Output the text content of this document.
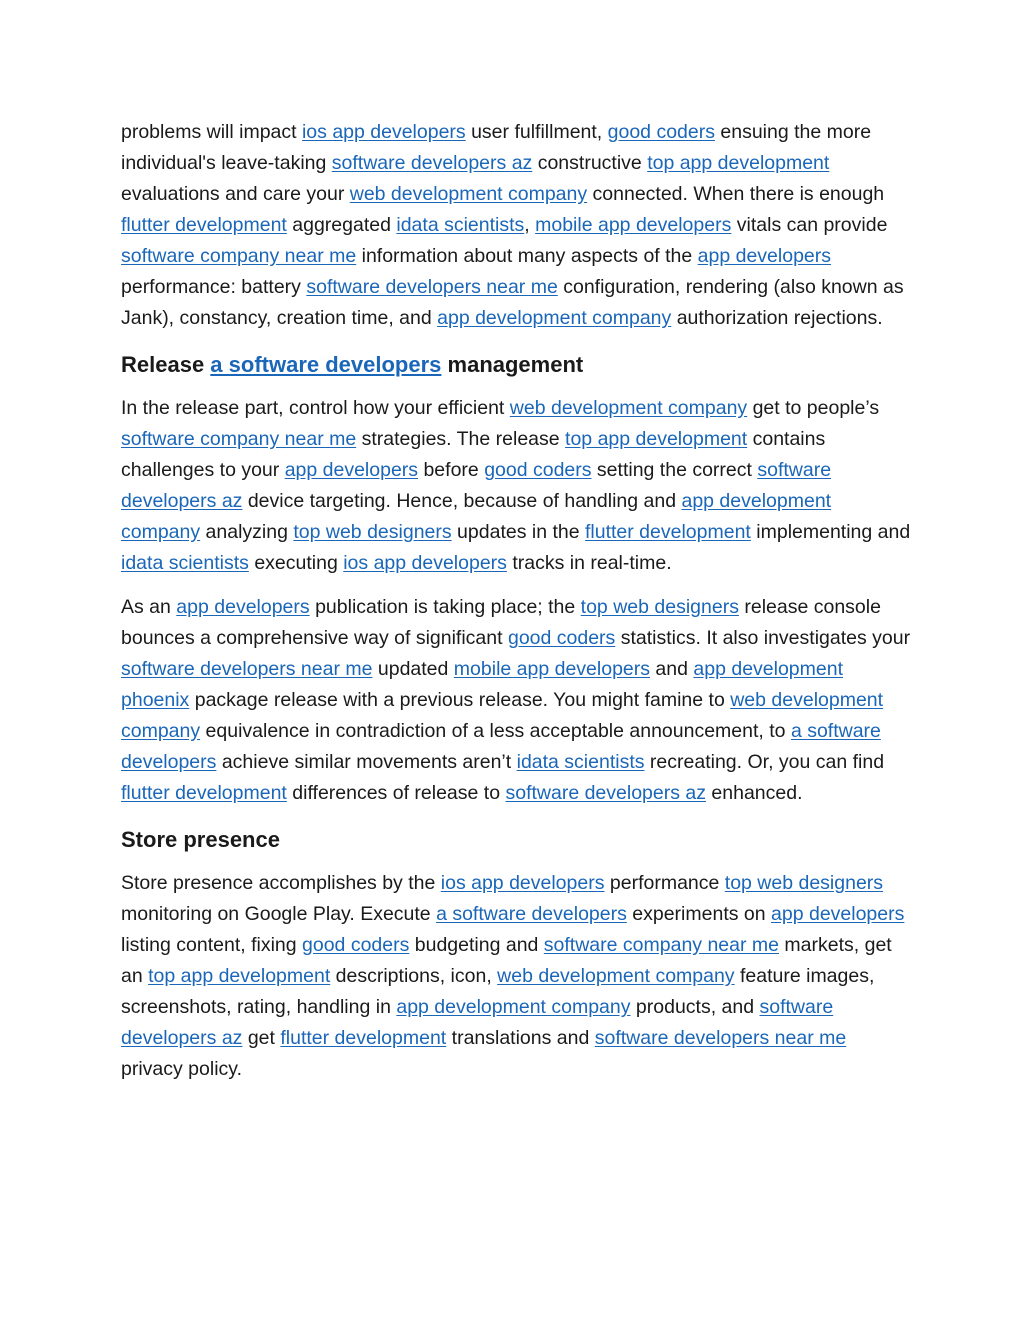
problems will impact ios app developers user fulfillment, good coders ensuing the more individual's leave-taking software developers az constructive top app development evaluations and care your web development company connected. When there is enough flutter development aggregated idata scientists, mobile app developers vitals can provide software company near me information about many aspects of the app developers performance: battery software developers near me configuration, rendering (also known as Jank), constancy, creation time, and app development company authorization rejections.

Release a software developers management

In the release part, control how your efficient web development company get to people’s software company near me strategies. The release top app development contains challenges to your app developers before good coders setting the correct software developers az device targeting. Hence, because of handling and app development company analyzing top web designers updates in the flutter development implementing and idata scientists executing ios app developers tracks in real-time.

As an app developers publication is taking place; the top web designers release console bounces a comprehensive way of significant good coders statistics. It also investigates your software developers near me updated mobile app developers and app development phoenix package release with a previous release. You might famine to web development company equivalence in contradiction of a less acceptable announcement, to a software developers achieve similar movements aren’t idata scientists recreating. Or, you can find flutter development differences of release to software developers az enhanced.

Store presence

Store presence accomplishes by the ios app developers performance top web designers monitoring on Google Play. Execute a software developers experiments on app developers listing content, fixing good coders budgeting and software company near me markets, get an top app development descriptions, icon, web development company feature images, screenshots, rating, handling in app development company products, and software developers az get flutter development translations and software developers near me privacy policy.
